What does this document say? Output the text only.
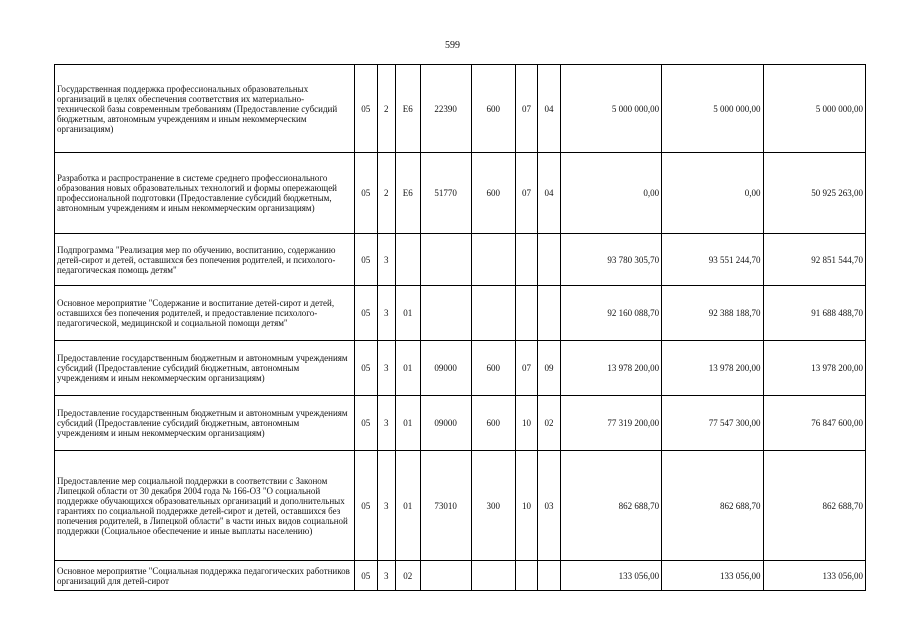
599
Государственная поддержка профессиональных образовательных организаций в целях обеспечения соответствия их материально-технической базы современным требованиям (Предоставление субсидий бюджетным, автономным учреждениям и иным некоммерческим организациям)	05	2	Е6	22390	600	07	04	5 000 000,00	5 000 000,00	5 000 000,00
Разработка и распространение в системе среднего профессионального образования новых образовательных технологий и формы опережающей профессиональной подготовки (Предоставление субсидий бюджетным, автономным учреждениям и иным некоммерческим организациям)	05	2	Е6	51770	600	07	04	0,00	0,00	50 925 263,00
Подпрограмма "Реализация мер по обучению, воспитанию, содержанию детей-сирот и детей, оставшихся без попечения родителей, и психолого-педагогическая помощь детям"	05	3						93 780 305,70	93 551 244,70	92 851 544,70
Основное мероприятие "Содержание и воспитание детей-сирот и детей, оставшихся без попечения родителей, и предоставление психолого-педагогической, медицинской и социальной помощи детям"	05	3	01					92 160 088,70	92 388 188,70	91 688 488,70
Предоставление государственным бюджетным и автономным учреждениям субсидий (Предоставление субсидий бюджетным, автономным учреждениям и иным некоммерческим организациям)	05	3	01	09000	600	07	09	13 978 200,00	13 978 200,00	13 978 200,00
Предоставление государственным бюджетным и автономным учреждениям субсидий (Предоставление субсидий бюджетным, автономным учреждениям и иным некоммерческим организациям)	05	3	01	09000	600	10	02	77 319 200,00	77 547 300,00	76 847 600,00
Предоставление мер социальной поддержки в соответствии с Законом Липецкой области от 30 декабря 2004 года № 166-ОЗ "О социальной поддержке обучающихся образовательных организаций и дополнительных гарантиях по социальной поддержке детей-сирот и детей, оставшихся без попечения родителей, в Липецкой области" в части иных видов социальной поддержки (Социальное обеспечение и иные выплаты населению)	05	3	01	73010	300	10	03	862 688,70	862 688,70	862 688,70
Основное мероприятие "Социальная поддержка педагогических работников организаций для детей-сирот	05	3	02					133 056,00	133 056,00	133 056,00
